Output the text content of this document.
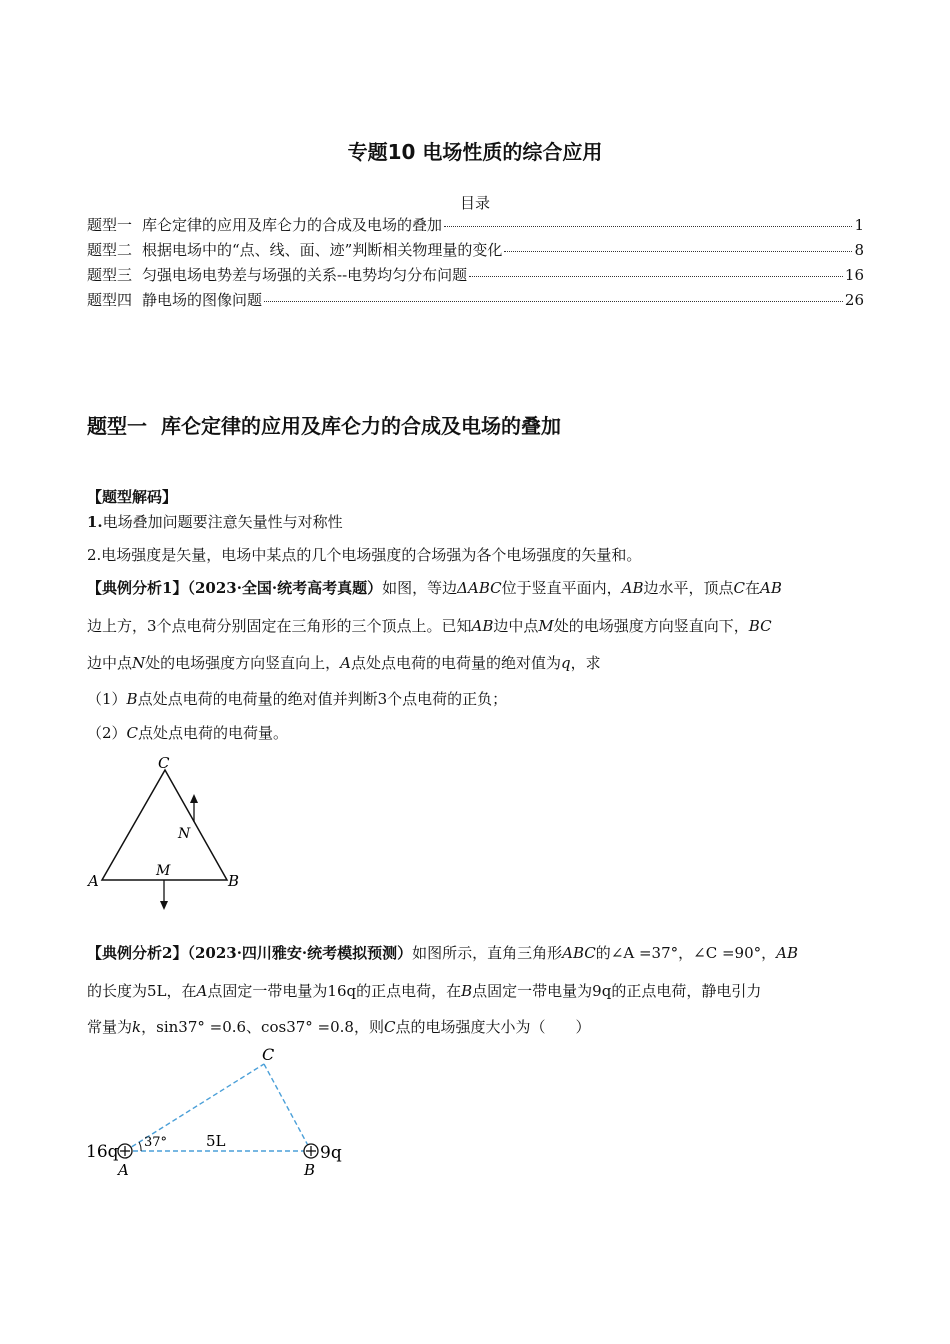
专题10 电场性质的综合应用
目录
题型一 库仑定律的应用及库仑力的合成及电场的叠加	1
题型二 根据电场中的“点、线、面、迹”判断相关物理量的变化	8
题型三 匀强电场电势差与场强的关系--电势均匀分布问题	16
题型四 静电场的图像问题	26
题型一 库仑定律的应用及库仑力的合成及电场的叠加
【题型解码】
1.电场叠加问题要注意矢量性与对称性
2.电场强度是矢量，电场中某点的几个电场强度的合场强为各个电场强度的矢量和。
【典例分析1】（2023·全国·统考高考真题）如图，等边ΔABC位于竖直平面内，AB边水平，顶点C在AB
边上方，3个点电荷分别固定在三角形的三个顶点上。已知AB边中点M处的电场强度方向竖直向下，BC
边中点N处的电场强度方向竖直向上，A点处点电荷的电荷量的绝对值为q，求
（1）B点处点电荷的电荷量的绝对值并判断3个点电荷的正负；
（2）C点处点电荷的电荷量。
C
N
M
A	B
【典例分析2】（2023·四川雅安·统考模拟预测）如图所示，直角三角形ABC的∠A =37°，∠C =90°，AB
的长度为5L，在A点固定一带电量为16q的正点电荷，在B点固定一带电量为9q的正点电荷，静电引力
常量为k，sin37° =0.6、cos37° =0.8，则C点的电场强度大小为（　　）
C
16q
A	B
9q
37°	5L
